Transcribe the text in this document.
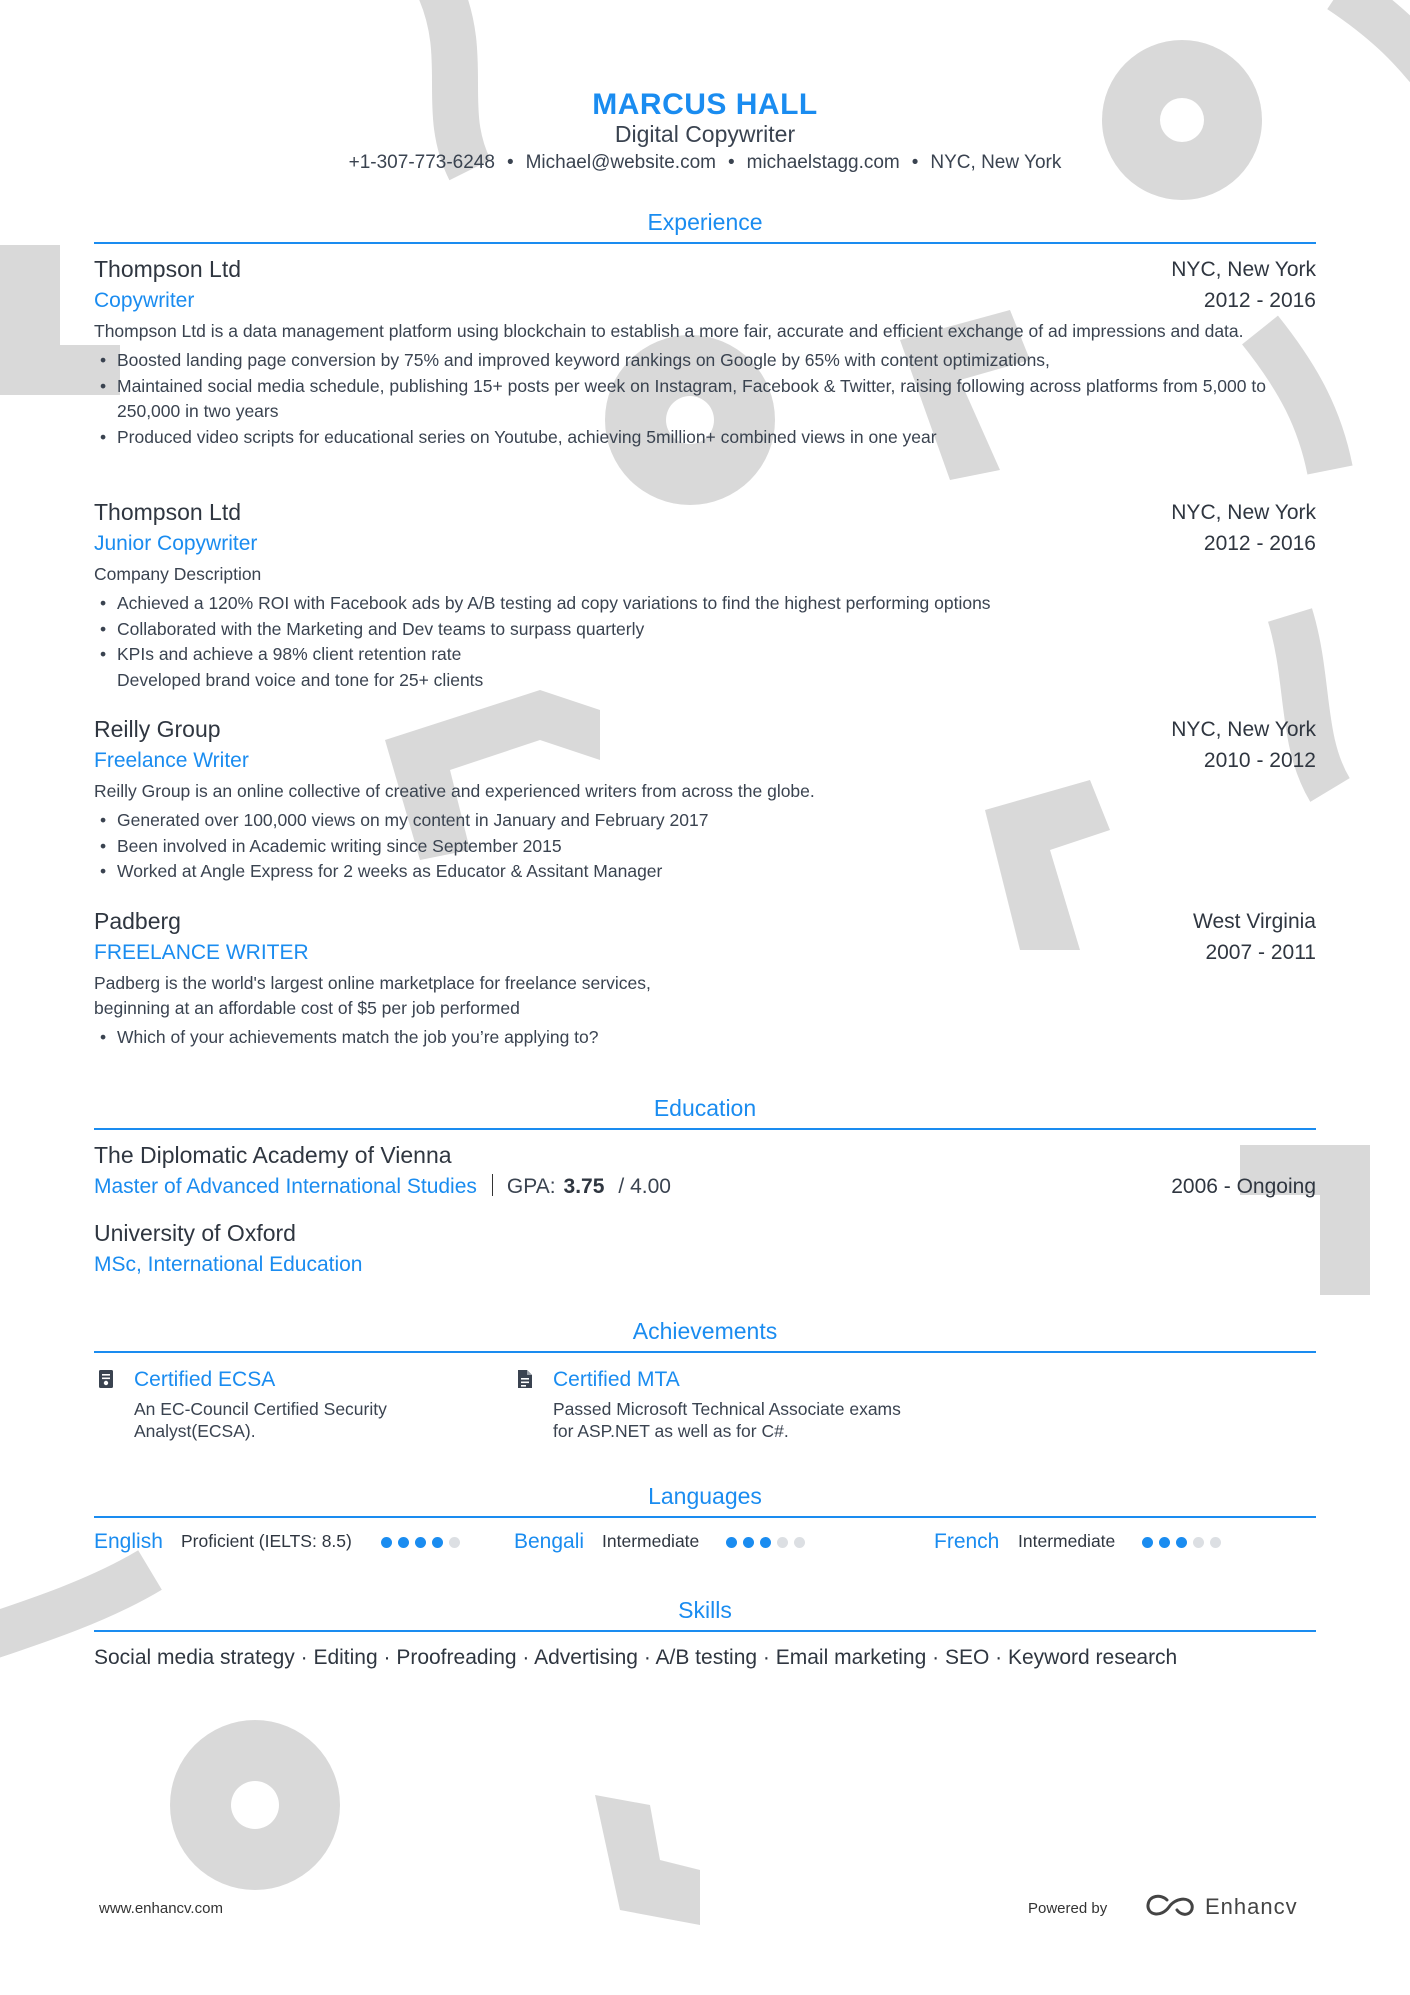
MARCUS HALL
Digital Copywriter
+1-307-773-6248 • Michael@website.com • michaelstagg.com • NYC, New York
Experience
Thompson Ltd	NYC, New York
Copywriter	2012 - 2016
Thompson Ltd is a data management platform using blockchain to establish a more fair, accurate and efficient exchange of ad impressions and data.
• Boosted landing page conversion by 75% and improved keyword rankings on Google by 65% with content optimizations,
• Maintained social media schedule, publishing 15+ posts per week on Instagram, Facebook & Twitter, raising following across platforms from 5,000 to 250,000 in two years
• Produced video scripts for educational series on Youtube, achieving 5million+ combined views in one year
Thompson Ltd	NYC, New York
Junior Copywriter	2012 - 2016
Company Description
• Achieved a 120% ROI with Facebook ads by A/B testing ad copy variations to find the highest performing options
• Collaborated with the Marketing and Dev teams to surpass quarterly
• KPIs and achieve a 98% client retention rate
Developed brand voice and tone for 25+ clients
Reilly Group	NYC, New York
Freelance Writer	2010 - 2012
Reilly Group is an online collective of creative and experienced writers from across the globe.
• Generated over 100,000 views on my content in January and February 2017
• Been involved in Academic writing since September 2015
• Worked at Angle Express for 2 weeks as Educator & Assitant Manager
Padberg	West Virginia
FREELANCE WRITER	2007 - 2011
Padberg is the world's largest online marketplace for freelance services,
beginning at an affordable cost of $5 per job performed
• Which of your achievements match the job you’re applying to?
Education
The Diplomatic Academy of Vienna
Master of Advanced International Studies GPA: 3.75 / 4.00	2006 - Ongoing
University of Oxford
MSc, International Education
Achievements
Certified ECSA
An EC-Council Certified Security Analyst(ECSA).
Certified MTA
Passed Microsoft Technical Associate exams for ASP.NET as well as for C#.
Languages
English Proficient (IELTS: 8.5)	Bengali Intermediate	French Intermediate
Skills
Social media strategy · Editing · Proofreading · Advertising · A/B testing · Email marketing · SEO · Keyword research
www.enhancv.com	Powered by	Enhancv
